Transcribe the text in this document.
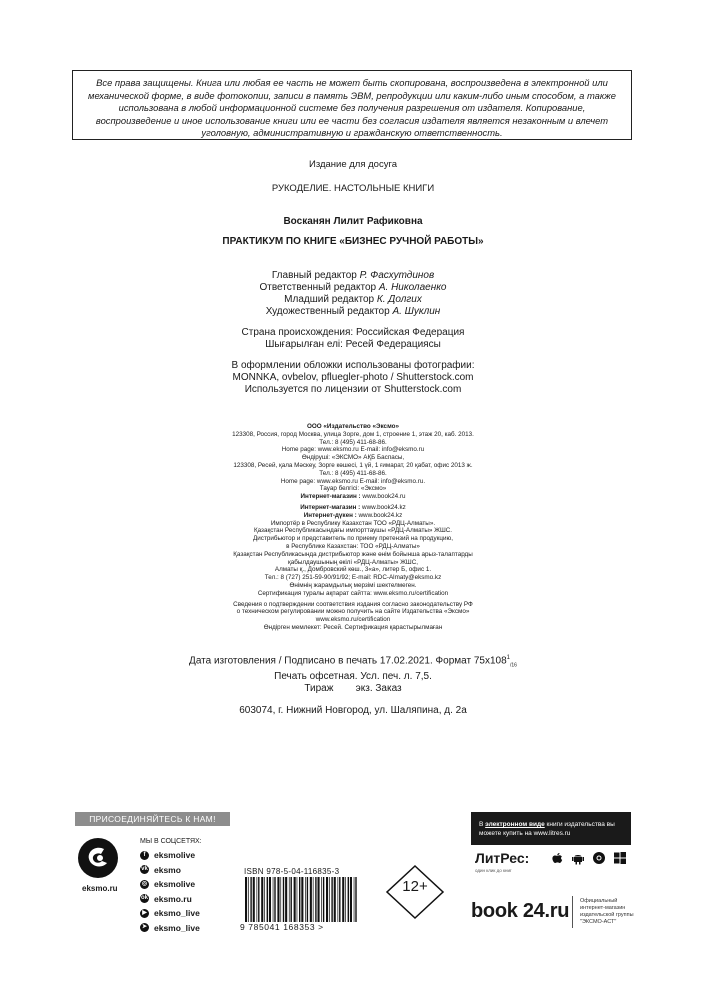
Все права защищены. Книга или любая ее часть не может быть скопирована, воспроизведена в электронной или механической форме, в виде фотокопии, записи в память ЭВМ, репродукции или каким-либо иным способом, а также использована в любой информационной системе без получения разрешения от издателя. Копирование, воспроизведение и иное использование книги или ее части без согласия издателя является незаконным и влечет уголовную, административную и гражданскую ответственность.
Издание для досуга
РУКОДЕЛИЕ. НАСТОЛЬНЫЕ КНИГИ
Восканян Лилит Рафиковна
ПРАКТИКУМ ПО КНИГЕ «БИЗНЕС РУЧНОЙ РАБОТЫ»
Главный редактор Р. Фасхутдинов
Ответственный редактор А. Николаенко
Младший редактор К. Долгих
Художественный редактор А. Шуклин
Страна происхождения: Российская Федерация
Шығарылған елі: Ресей Федерациясы
В оформлении обложки использованы фотографии:
MONNKA, ovbelov, pfluegler-photo / Shutterstock.com
Используется по лицензии от Shutterstock.com
ООО «Издательство «Эксмо»
123308, Россия, город Москва, улица Зорге, дом 1, строение 1, этаж 20, каб. 2013.
Тел.: 8 (495) 411-68-86.
Home page: www.eksmo.ru E-mail: info@eksmo.ru
Өндіруші: «ЭКСМО» АҚБ Баспасы,
123308, Ресей, қала Мәскеу, Зорге көшесі, 1 үй, 1 ғимарат, 20 қабат, офис 2013 ж.
Тел.: 8 (495) 411-68-86.
Home page: www.eksmo.ru E-mail: info@eksmo.ru.
Тауар белгісі: «Эксмо»
Интернет-магазин : www.book24.ru
Интернет-магазин : www.book24.kz
Интернет-дүкен : www.book24.kz
Импортёр в Республику Казахстан ТОО «РДЦ-Алматы».
Қазақстан Республикасындағы импорттаушы «РДЦ-Алматы» ЖШС.
Дистрибьютор и представитель по приему претензий на продукцию,
в Республике Казахстан: ТОО «РДЦ-Алматы»
Қазақстан Республикасында дистрибьютор және өнім бойынша арыз-талаптарды
қабылдаушының өкілі «РДЦ-Алматы» ЖШС,
Алматы қ., Домбровский көш., 3«а», литер Б, офис 1.
Тел.: 8 (727) 251-59-90/91/92; E-mail: RDC-Almaty@eksmo.kz
Өнімнің жарамдылық мерзімі шектелмеген.
Сертификация туралы ақпарат сайтта: www.eksmo.ru/certification
Сведения о подтверждении соответствия издания согласно законодательству РФ
о техническом регулировании можно получить на сайте Издательства «Эксмо»
www.eksmo.ru/certification
Өндірген мемлекет: Ресей. Сертификация қарастырылмаған
Дата изготовления / Подписано в печать 17.02.2021. Формат $75x108^1_{/16}$
Печать офсетная. Усл. печ. л. 7,5.
Тираж        экз. Заказ
603074, г. Нижний Новгород, ул. Шаляпина, д. 2а
ПРИСОЕДИНЯЙТЕСЬ К НАМ!
eksmo.ru
МЫ В СОЦСЕТЯХ:
f	eksmolive
vk eksmo
◎ eksmolive
ok eksmo.ru
▶ eksmo_live
➤ eksmo_live
ISBN 978-5-04-116835-3
9 785041 168353 >
12+
В электронном виде книги издательства вы можете купить на www.litres.ru
ЛитРес:
один клик до книг
book 24.ru Официальный интернет-магазин издательской группы "ЭКСМО-АСТ"
